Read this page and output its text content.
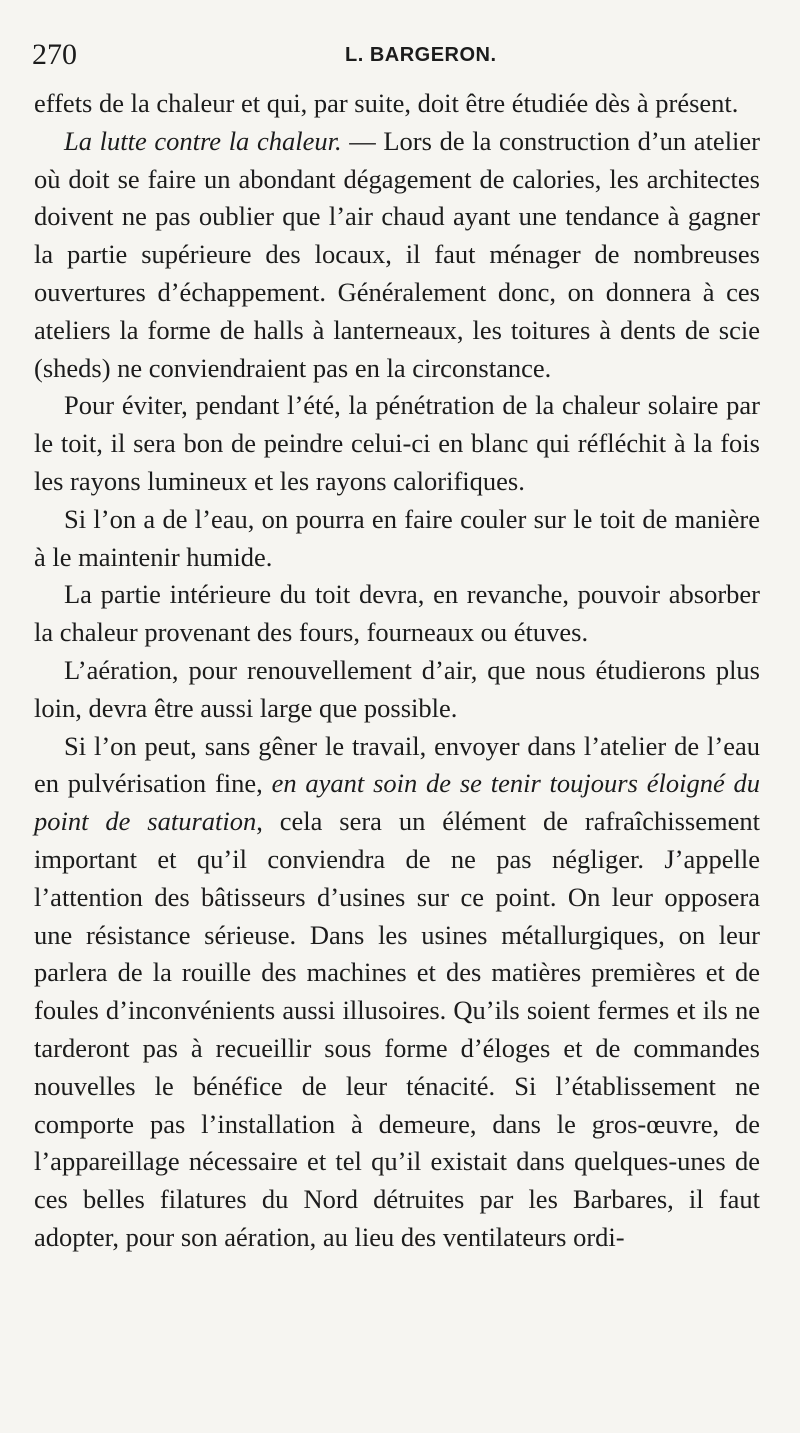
270	L. BARGERON.

effets de la chaleur et qui, par suite, doit être étudiée dès à présent.

La lutte contre la chaleur. — Lors de la construction d’un atelier où doit se faire un abondant dégagement de calories, les architectes doivent ne pas oublier que l’air chaud ayant une tendance à gagner la partie supérieure des locaux, il faut ménager de nombreuses ouvertures d’échappement. Généralement donc, on donnera à ces ateliers la forme de halls à lanterneaux, les toitures à dents de scie (sheds) ne conviendraient pas en la circonstance.

Pour éviter, pendant l’été, la pénétration de la chaleur solaire par le toit, il sera bon de peindre celui-ci en blanc qui réfléchit à la fois les rayons lumineux et les rayons calorifiques.

Si l’on a de l’eau, on pourra en faire couler sur le toit de manière à le maintenir humide.

La partie intérieure du toit devra, en revanche, pouvoir absorber la chaleur provenant des fours, fourneaux ou étuves.

L’aération, pour renouvellement d’air, que nous étudierons plus loin, devra être aussi large que possible.

Si l’on peut, sans gêner le travail, envoyer dans l’atelier de l’eau en pulvérisation fine, en ayant soin de se tenir toujours éloigné du point de saturation, cela sera un élément de rafraîchissement important et qu’il conviendra de ne pas négliger. J’appelle l’attention des bâtisseurs d’usines sur ce point. On leur opposera une résistance sérieuse. Dans les usines métallurgiques, on leur parlera de la rouille des machines et des matières premières et de foules d’inconvénients aussi illusoires. Qu’ils soient fermes et ils ne tarderont pas à recueillir sous forme d’éloges et de commandes nouvelles le bénéfice de leur ténacité. Si l’établissement ne comporte pas l’installation à demeure, dans le gros-œuvre, de l’appareillage nécessaire et tel qu’il existait dans quelques-unes de ces belles filatures du Nord détruites par les Barbares, il faut adopter, pour son aération, au lieu des ventilateurs ordi-
